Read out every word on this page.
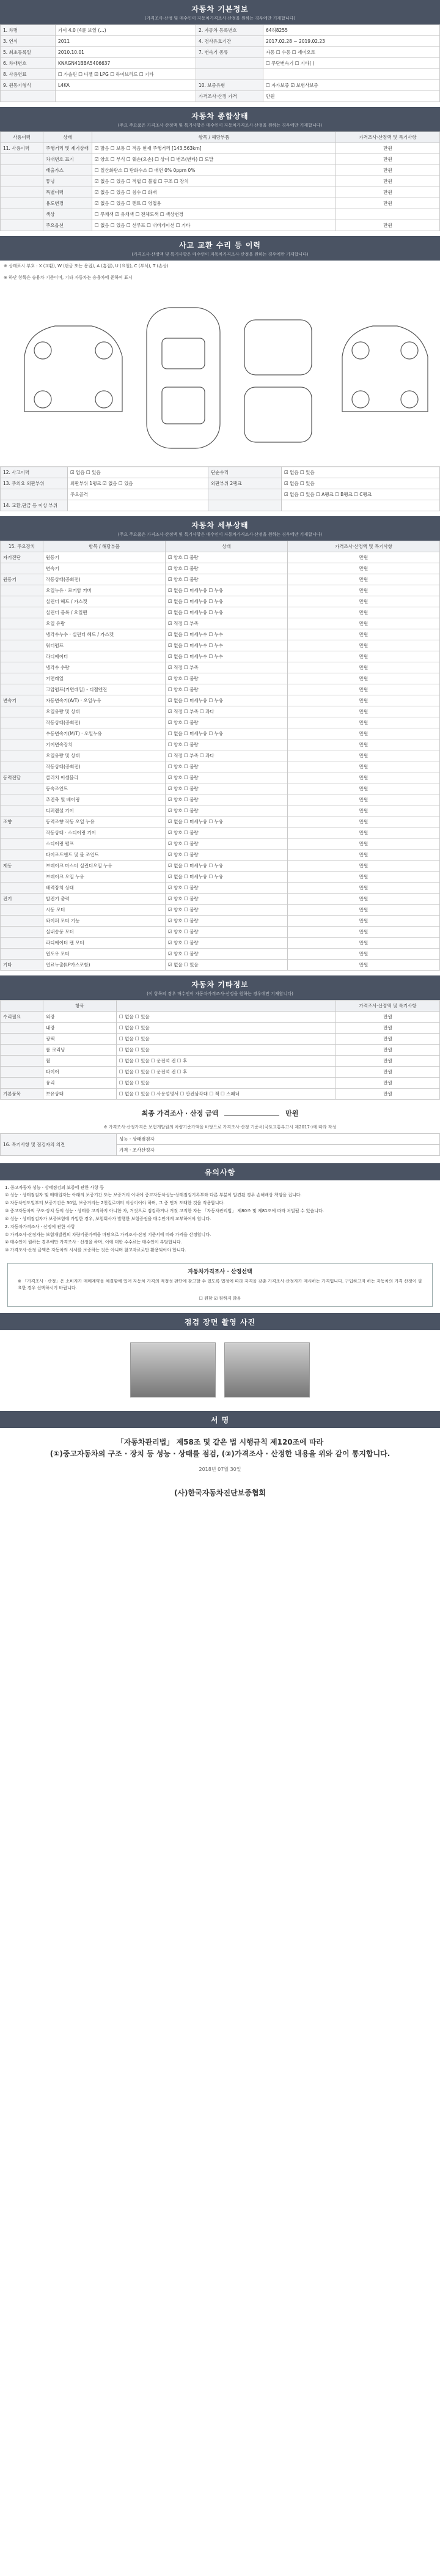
자동차 기본정보
(가격조사·산정 및 매수인이 자동차가격조사·산정을 원하는 경우에만 기재합니다)
1. 차명	가이 4.0 (4륜 보일 (…)	2. 자동차 등록번호	64허8255
3. 연식	2011	4. 검사유효기간	2017.02.28 ~ 2019.02.23
5. 최초등록일	2010.10.01	7. 변속기 종류	자동 ☐ 수동 ☐ 세미오토
6. 차대번호	KNAGN41BBA5406637		☐ 무단변속기 ☐ 기타( )
8. 사용연료	☐ 가솔린 ☐ 디젤 ☑ LPG ☐ 하이브리드 ☐ 기타		
9. 원동기형식	L4KA	10. 보증유형	☐ 자가보증 ☑ 보험사보증
		가격조사·산정 가격	만원
자동차 종합상태
(주요 주요품은 가격조사·산정액 및 특기사항은 매수인이 자동차가격조사·산정을 원하는 경우에만 기재합니다)
사용이력	상태	항목 / 해당부품	가격조사·산정액 및 특기사항
11. 사용이력	주행거리 및 계기상태	☑ 많음 ☐ 보통 ☐ 적음 현재 주행거리 [143,563km]	만원
	차대번호 표기	☑ 양호 ☐ 부식 ☐ 훼손(오손) ☐ 상이 ☐ 변조(변타) ☐ 도말	만원
	배출가스	☐ 일산화탄소 ☐ 탄화수소 ☐ 매연 0% 0ppm 0%	만원
	튜닝	☑ 없음 ☐ 있음 ☐ 적법 ☐ 불법 ☐ 구조 ☐ 장치	만원
	특별이력	☑ 없음 ☐ 있음 ☐ 침수 ☐ 화재	만원
	용도변경	☑ 없음 ☐ 있음 ☐ 렌트 ☐ 영업용	만원
	색상	☐ 무채색 ☑ 유채색 ☐ 전체도색 ☐ 색상변경	
	주요옵션	☐ 없음 ☐ 있음 ☐ 선루프 ☐ 내비게이션 ☐ 기타	만원
사고 교환 수리 등 이력
(가격조사·산정액 및 특기사항은 매수인이 자동차가격조사·산정을 원하는 경우에만 기재합니다)
※ 상태표시 부호 : X (교환), W (판금 또는 용접), A (흠집), U (요철), C (부식), T (손상)
※ 하단 항목은 승용차 기준이며, 기타 자동차는 승용차에 준하여 표시
12. 사고이력	☑ 없음 ☐ 있음	단순수리	☑ 없음 ☐ 있음
13. 주의요 외판부위	외판부위 1랭크 ☑ 없음 ☐ 있음	외판부위 2랭크	☑ 없음 ☐ 있음
	주요골격		☑ 없음 ☐ 있음 ☐ A랭크 ☐ B랭크 ☐ C랭크
14. 교환,판금 등 이상 부위			
자동차 세부상태
(주요 주요품은 가격조사·산정액 및 특기사항은 매수인이 자동차가격조사·산정을 원하는 경우에만 기재합니다)
15. 주요장치	항목 / 해당부품	상태	가격조사·산정액 및 특기사항
자기진단	원동기	☑ 양호 ☐ 불량	만원
	변속기	☑ 양호 ☐ 불량	만원
원동기	작동상태(공회전)	☑ 양호 ☐ 불량	만원
	오일누유 · 로커암 커버	☑ 없음 ☐ 미세누유 ☐ 누유	만원
	실린더 헤드 / 가스켓	☑ 없음 ☐ 미세누유 ☐ 누유	만원
	실린더 블록 / 오일팬	☑ 없음 ☐ 미세누유 ☐ 누유	만원
	오일 유량	☑ 적정 ☐ 부족	만원
	냉각수누수 · 실린더 헤드 / 가스켓	☑ 없음 ☐ 미세누수 ☐ 누수	만원
	워터펌프	☑ 없음 ☐ 미세누수 ☐ 누수	만원
	라디에이터	☑ 없음 ☐ 미세누수 ☐ 누수	만원
	냉각수 수량	☑ 적정 ☐ 부족	만원
	커먼레일	☑ 양호 ☐ 불량	만원
	고압펌프(커먼레일) - 디젤엔진	☐ 양호 ☐ 불량	만원
변속기	자동변속기(A/T) · 오일누유	☑ 없음 ☐ 미세누유 ☐ 누유	만원
	오일유량 및 상태	☑ 적정 ☐ 부족 ☐ 과다	만원
	작동상태(공회전)	☑ 양호 ☐ 불량	만원
	수동변속기(M/T) · 오일누유	☐ 없음 ☐ 미세누유 ☐ 누유	만원
	기어변속장치	☐ 양호 ☐ 불량	만원
	오일유량 및 상태	☐ 적정 ☐ 부족 ☐ 과다	만원
	작동상태(공회전)	☐ 양호 ☐ 불량	만원
동력전달	클러치 어셈블리	☑ 양호 ☐ 불량	만원
	등속조인트	☑ 양호 ☐ 불량	만원
	추진축 및 베어링	☑ 양호 ☐ 불량	만원
	디퍼렌셜 기어	☑ 양호 ☐ 불량	만원
조향	동력조향 작동 오일 누유	☑ 없음 ☐ 미세누유 ☐ 누유	만원
	작동상태 · 스티어링 기어	☑ 양호 ☐ 불량	만원
	스티어링 펌프	☑ 양호 ☐ 불량	만원
	타이로드엔드 및 볼 조인트	☑ 양호 ☐ 불량	만원
제동	브레이크 마스터 실린더오일 누유	☑ 없음 ☐ 미세누유 ☐ 누유	만원
	브레이크 오일 누유	☑ 없음 ☐ 미세누유 ☐ 누유	만원
	배력장치 상태	☑ 양호 ☐ 불량	만원
전기	발전기 출력	☑ 양호 ☐ 불량	만원
	시동 모터	☑ 양호 ☐ 불량	만원
	와이퍼 모터 기능	☑ 양호 ☐ 불량	만원
	실내송풍 모터	☑ 양호 ☐ 불량	만원
	라디에이터 팬 모터	☑ 양호 ☐ 불량	만원
	윈도우 모터	☑ 양호 ☐ 불량	만원
기타	연료누출(LP가스포함)	☑ 없음 ☐ 있음	만원
자동차 기타정보
(이 항목의 경우 매수인이 자동차가격조사·산정을 원하는 경우에만 기재합니다)
	항목		가격조사·산정액 및 특기사항
수리필요	외장	☐ 없음 ☐ 있음	만원
	내장	☐ 없음 ☐ 있음	만원
	광택	☐ 없음 ☐ 있음	만원
	룸 크리닝	☐ 없음 ☐ 있음	만원
	휠	☐ 없음 ☐ 있음 ☐ 운전석 전 ☐ 후	만원
	타이어	☐ 없음 ☐ 있음 ☐ 운전석 전 ☐ 후	만원
	유리	☐ 없음 ☐ 있음	만원
기본품목	보유상태	☐ 없음 ☐ 있음 ☐ 사용설명서 ☐ 안전삼각대 ☐ 잭 ☐ 스패너	만원
최종 가격조사 · 산정 금액	만원
※ 가격조사·산정가격은 보험개발원의 차량기준가액을 바탕으로 가격조사·산정 기준서(국토교통부고시 제2017-)에 따라 작성
16. 특기사항 및 점검자의 의견	성능 · 상태점검자
가격 · 조사산정자
유의사항

1. 중고자동차 성능 · 상태점검의 보증에 관한 사항 등

① 성능 · 상태점검자 및 매매업자는 아래의 보증기간 또는 보증거리 이내에 중고자동차성능·상태점검기록부와 다른 부분이 발견된 경우 손해배상 책임을 집니다.

② 자동차인도일부터 보증기간은 30일, 보증거리는 2천킬로미터 이상이어야 하며, 그 중 먼저 도래한 것을 적용합니다.

③ 중고자동차의 구조·장치 등의 성능 · 상태를 고지하지 아니한 자, 거짓으로 점검하거나 거짓 고지한 자는 「자동차관리법」 제80조 및 제81조에 따라 처벌될 수 있습니다.

④ 성능 · 상태점검자가 보증보험에 가입한 경우, 보험회사가 발행한 보험증권을 매수인에게 교부하여야 합니다.

2. 자동차가격조사 · 산정에 관한 사항

① 가격조사·산정자는 보험개발원의 차량기준가액을 바탕으로 가격조사·산정 기준서에 따라 가격을 산정합니다.

② 매수인이 원하는 경우에만 가격조사 · 산정을 하며, 이에 대한 수수료는 매수인이 부담합니다.

③ 가격조사·산정 금액은 자동차의 시세를 보증하는 것은 아니며 참고자료로만 활용되어야 합니다.

자동차가격조사 · 산정선택

※ 「가격조사 · 산정」은 소비자가 매매계약을 체결함에 있어 자동차 가격의 적정성 판단에 참고할 수 있도록 법정에 따라 자격을 갖춘 가격조사·산정자가 제시하는 가격입니다. 구입하고자 하는 자동차의 가격 산정이 필요한 경우 선택하시기 바랍니다.

☐ 원함 ☑ 원하지 않음

점검 장면 촬영 사진

서 명
「자동차관리법」 제58조 및 같은 법 시행규칙 제120조에 따라
(①)중고자동차의 구조 · 장치 등 성능 · 상태를 점검, (②)가격조사 · 산정한 내용을 위와 같이 통지합니다.
2018년 07월 30일
(사)한국자동차진단보증협회
